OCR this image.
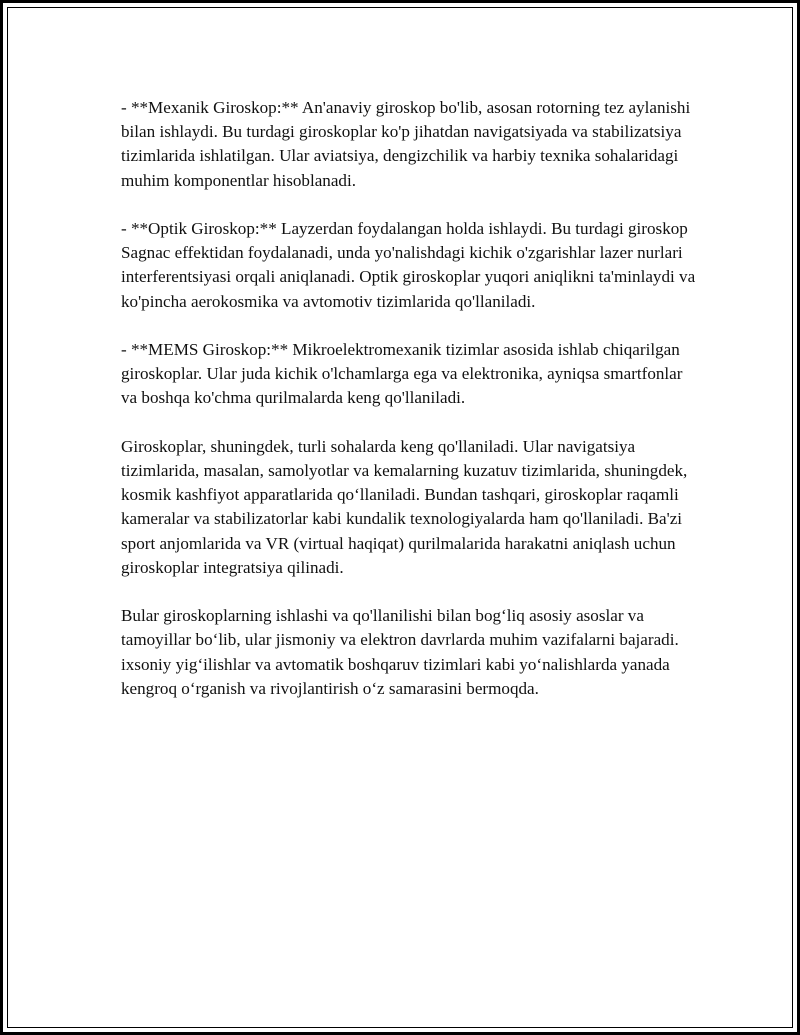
- **Mexanik Giroskop:** An'anaviy giroskop bo'lib, asosan rotorning tez aylanishi bilan ishlaydi. Bu turdagi giroskoplar ko'p jihatdan navigatsiyada va stabilizatsiya tizimlarida ishlatilgan. Ular aviatsiya, dengizchilik va harbiy texnika sohalaridagi muhim komponentlar hisoblanadi.

- **Optik Giroskop:** Layzerdan foydalangan holda ishlaydi. Bu turdagi giroskop Sagnac effektidan foydalanadi, unda yo'nalishdagi kichik o'zgarishlar lazer nurlari interferentsiyasi orqali aniqlanadi. Optik giroskoplar yuqori aniqlikni ta'minlaydi va ko'pincha aerokosmika va avtomotiv tizimlarida qo'llaniladi.

- **MEMS Giroskop:** Mikroelektromexanik tizimlar asosida ishlab chiqarilgan giroskoplar. Ular juda kichik o'lchamlarga ega va elektronika, ayniqsa smartfonlar va boshqa ko'chma qurilmalarda keng qo'llaniladi.

Giroskoplar, shuningdek, turli sohalarda keng qo'llaniladi. Ular navigatsiya tizimlarida, masalan, samolyotlar va kemalarning kuzatuv tizimlarida, shuningdek, kosmik kashfiyot apparatlarida qo‘llaniladi. Bundan tashqari, giroskoplar raqamli kameralar va stabilizatorlar kabi kundalik texnologiyalarda ham qo'llaniladi. Ba'zi sport anjomlarida va VR (virtual haqiqat) qurilmalarida harakatni aniqlash uchun giroskoplar integratsiya qilinadi.

Bular giroskoplarning ishlashi va qo'llanilishi bilan bog‘liq asosiy asoslar va tamoyillar bo‘lib, ular jismoniy va elektron davrlarda muhim vazifalarni bajaradi. ixsoniy yig‘ilishlar va avtomatik boshqaruv tizimlari kabi yo‘nalishlarda yanada kengroq o‘rganish va rivojlantirish o‘z samarasini bermoqda.
